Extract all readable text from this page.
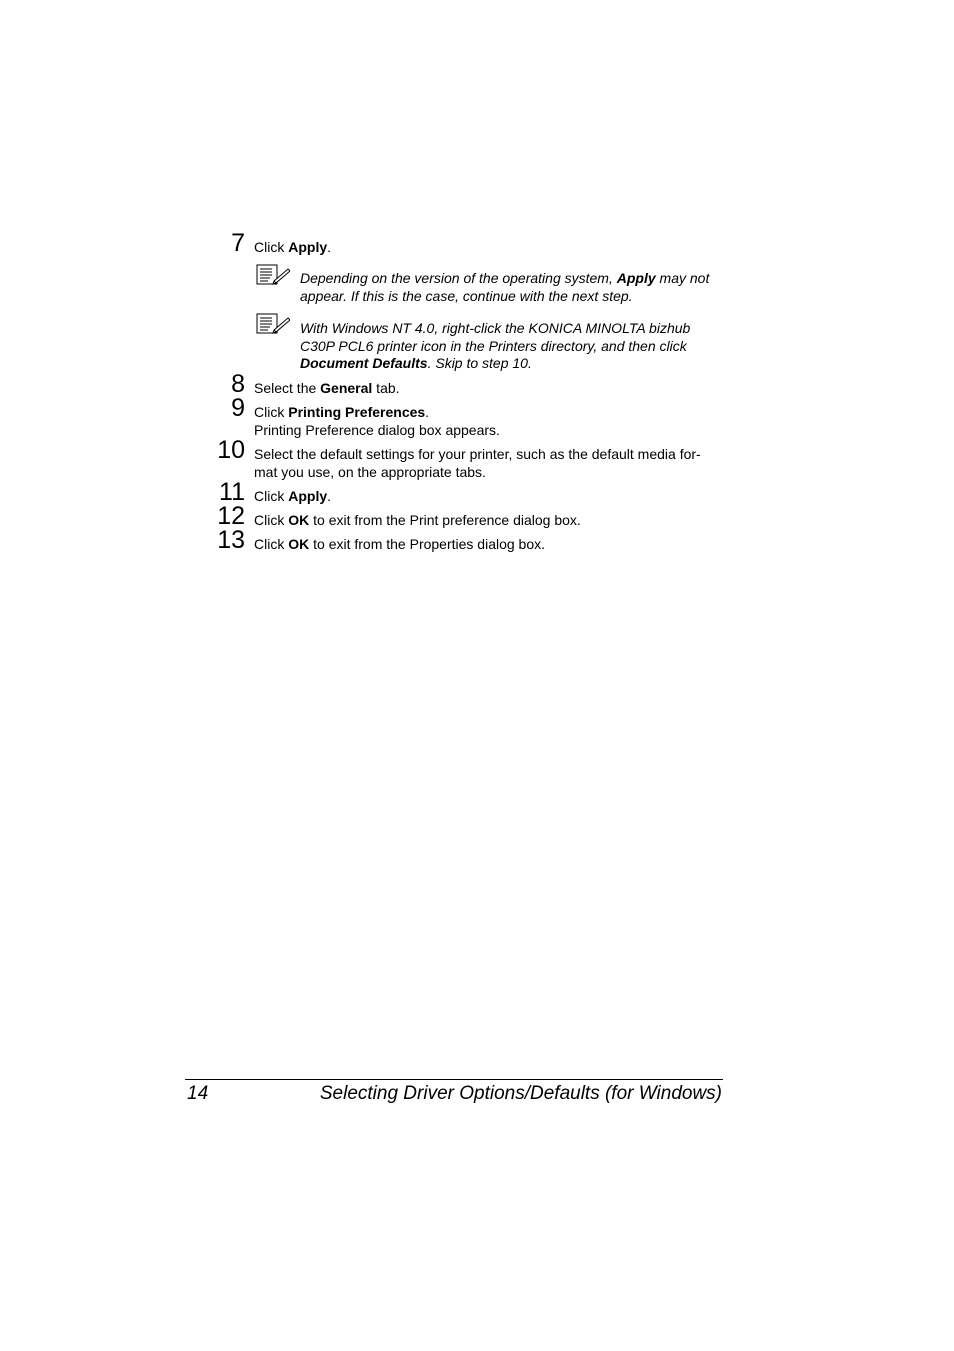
7 Click Apply.
Depending on the version of the operating system, Apply may not
appear. If this is the case, continue with the next step.
With Windows NT 4.0, right-click the KONICA MINOLTA bizhub
C30P PCL6 printer icon in the Printers directory, and then click
Document Defaults. Skip to step 10.
8 Select the General tab.
9 Click Printing Preferences.
Printing Preference dialog box appears.
10 Select the default settings for your printer, such as the default media for-
mat you use, on the appropriate tabs.
11 Click Apply.
12 Click OK to exit from the Print preference dialog box.
13 Click OK to exit from the Properties dialog box.
14	Selecting Driver Options/Defaults (for Windows)
